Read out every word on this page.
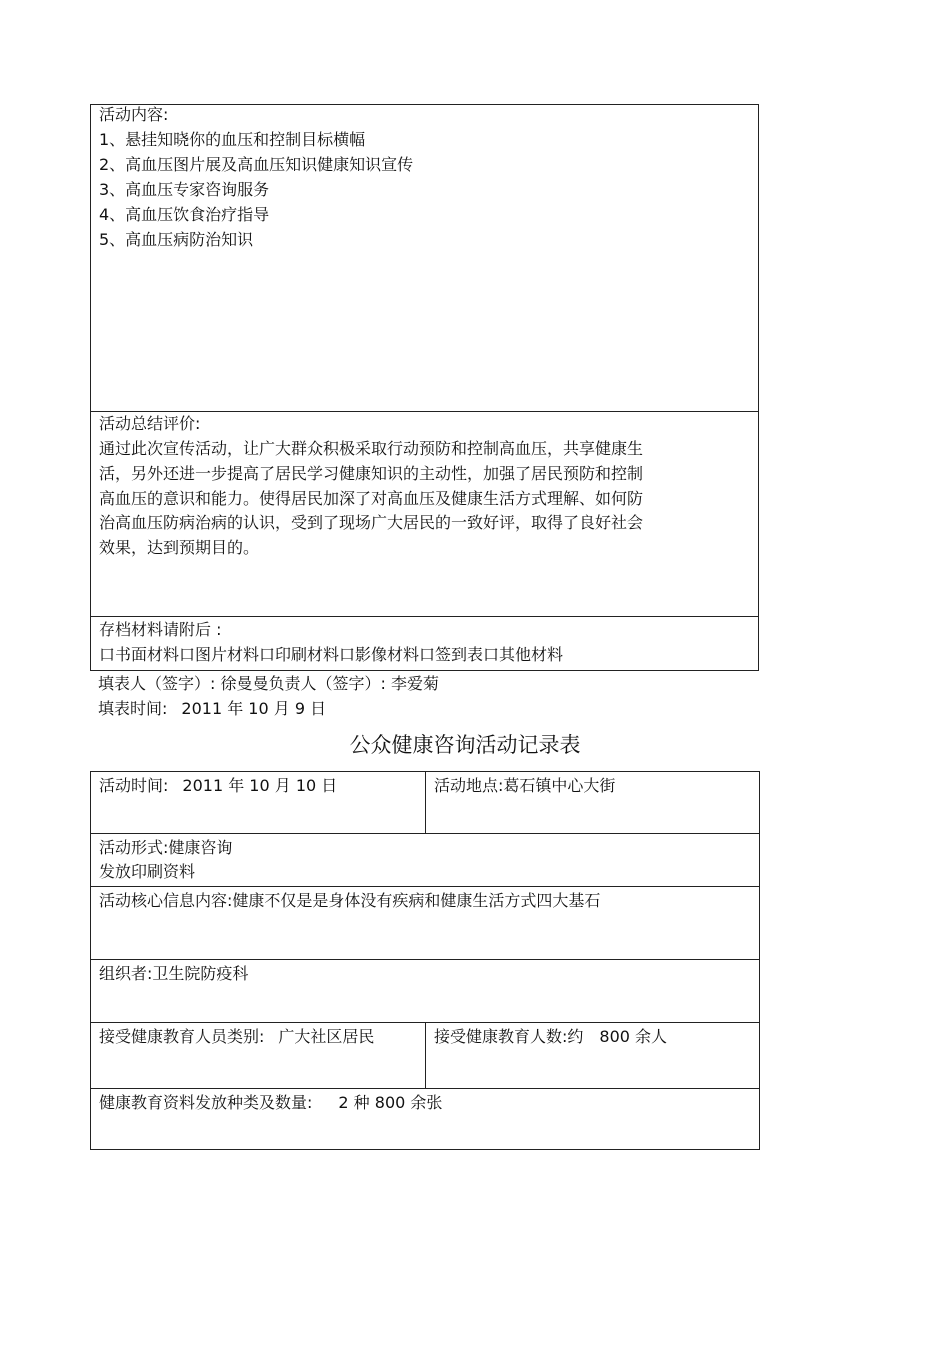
活动内容:
1、悬挂知晓你的血压和控制目标横幅
2、高血压图片展及高血压知识健康知识宣传
3、高血压专家咨询服务
4、高血压饮食治疗指导
5、高血压病防治知识
活动总结评价:
通过此次宣传活动，让广大群众积极采取行动预防和控制高血压，共享健康生
活，另外还进一步提高了居民学习健康知识的主动性，加强了居民预防和控制
高血压的意识和能力。使得居民加深了对高血压及健康生活方式理解、如何防
治高血压防病治病的认识，受到了现场广大居民的一致好评，取得了良好社会
效果，达到预期目的。
存档材料请附后 :
口书面材料口图片材料口印刷材料口影像材料口签到表口其他材料
填表人（签字）: 徐曼曼负责人（签字）: 李爱菊
填表时间: 2011 年 10 月 9 日
公众健康咨询活动记录表
活动时间: 2011 年 10 月 10 日	活动地点:葛石镇中心大街

活动形式:健康咨询
发放印刷资料	

活动核心信息内容:健康不仅是是身体没有疾病和健康生活方式四大基石	
组织者:卫生院防疫科	
接受健康教育人员类别: 广大社区居民	接受健康教育人数:约　800 余人
健康教育资料发放种类及数量: 2 种 800 余张	
